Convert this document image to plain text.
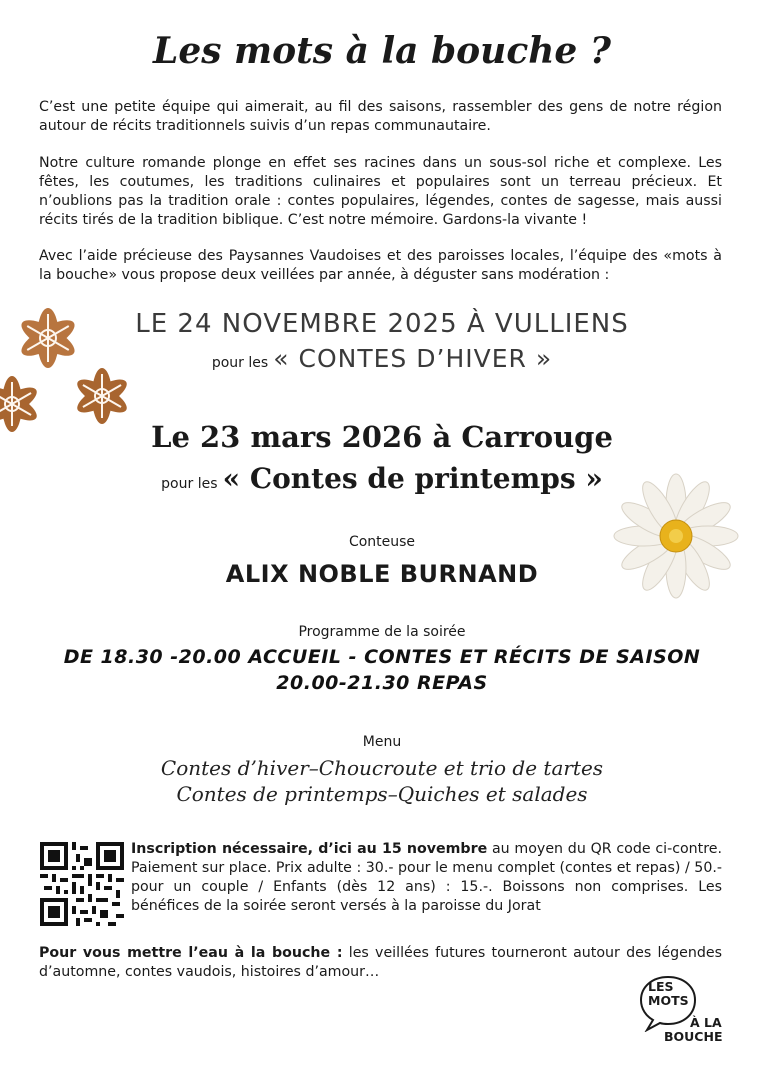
Les mots à la bouche ?
C’est une petite équipe qui aimerait, au fil des saisons, rassembler des gens de notre région autour de récits traditionnels suivis d’un repas communautaire.
Notre culture romande plonge en effet ses racines dans un sous-sol riche et complexe. Les fêtes, les coutumes, les traditions culinaires et populaires sont un terreau précieux. Et n’oublions pas la tradition orale : contes populaires, légendes, contes de sagesse, mais aussi récits tirés de la tradition biblique. C’est notre mémoire. Gardons-la vivante !
Avec l’aide précieuse des Paysannes Vaudoises et des paroisses locales, l’équipe des «mots à la bouche» vous propose deux veillées par année, à déguster sans modération :
LE 24 NOVEMBRE 2025 À VULLIENS
pour les « CONTES D’HIVER »
Le 23 mars 2026 à Carrouge
pour les « Contes de printemps »
Conteuse
ALIX NOBLE BURNAND
Programme de la soirée
DE 18.30 -20.00 ACCUEIL - CONTES ET RÉCITS DE SAISON
20.00-21.30 REPAS
Menu
Contes d’hiver–Choucroute et trio de tartes
Contes de printemps–Quiches et salades
Inscription nécessaire, d’ici au 15 novembre au moyen du QR code ci-contre. Paiement sur place. Prix adulte : 30.- pour le menu complet (contes et repas) / 50.- pour un couple / Enfants (dès 12 ans) : 15.-. Boissons non comprises. Les bénéfices de la soirée seront versés à la paroisse du Jorat
Pour vous mettre l’eau à la bouche : les veillées futures tourneront autour des légendes d’automne, contes vaudois, histoires d’amour…
LES
MOTS
À LA
BOUCHE
